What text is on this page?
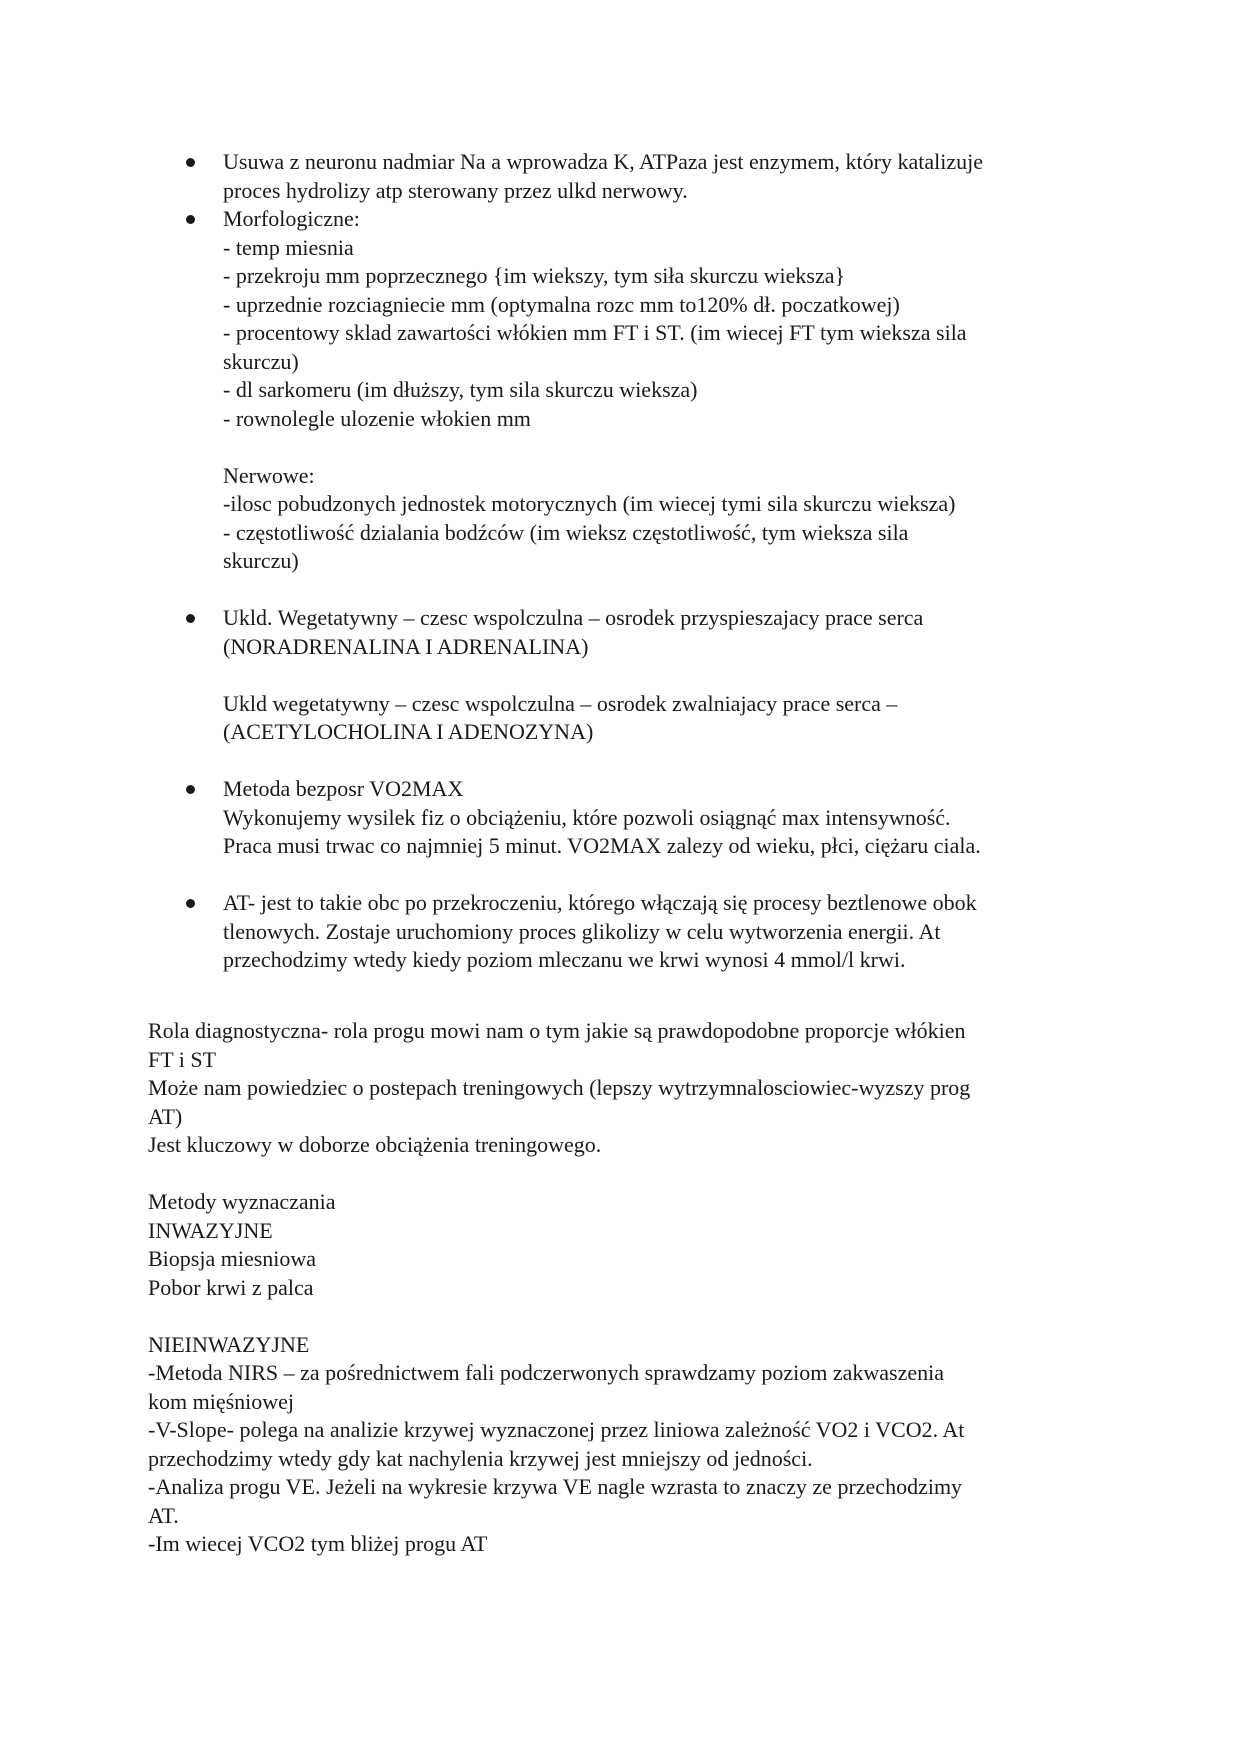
Usuwa z neuronu nadmiar Na a wprowadza K, ATPaza jest enzymem, który katalizuje
proces hydrolizy atp sterowany przez ulkd nerwowy.
Morfologiczne:
- temp miesnia
- przekroju mm poprzecznego {im wiekszy, tym siła skurczu wieksza}
- uprzednie rozciagniecie mm (optymalna rozc mm to120% dł. poczatkowej)
- procentowy sklad zawartości włókien mm FT i ST. (im wiecej FT tym wieksza sila
skurczu)
- dl sarkomeru (im dłuższy, tym sila skurczu wieksza)
- rownolegle ulozenie włokien mm
Nerwowe:
-ilosc pobudzonych jednostek motorycznych (im wiecej tymi sila skurczu wieksza)
- częstotliwość dzialania bodźców (im wieksz częstotliwość, tym wieksza sila
skurczu)
Ukld. Wegetatywny – czesc wspolczulna – osrodek przyspieszajacy prace serca
(NORADRENALINA I ADRENALINA)
Ukld wegetatywny – czesc wspolczulna – osrodek zwalniajacy prace serca –
(ACETYLOCHOLINA I ADENOZYNA)
Metoda bezposr VO2MAX
Wykonujemy wysilek fiz o obciążeniu, które pozwoli osiągnąć max intensywność.
Praca musi trwac co najmniej 5 minut. VO2MAX zalezy od wieku, płci, ciężaru ciala.
AT- jest to takie obc po przekroczeniu, którego włączają się procesy beztlenowe obok
tlenowych. Zostaje uruchomiony proces glikolizy w celu wytworzenia energii. At
przechodzimy wtedy kiedy poziom mleczanu we krwi wynosi 4 mmol/l krwi.
Rola diagnostyczna- rola progu mowi nam o tym jakie są prawdopodobne proporcje włókien
FT i ST
Może nam powiedziec o postepach treningowych (lepszy wytrzymnalosciowiec-wyzszy prog
AT)
Jest kluczowy w doborze obciążenia treningowego.
Metody wyznaczania
INWAZYJNE
Biopsja miesniowa
Pobor krwi z palca
NIEINWAZYJNE
-Metoda NIRS – za pośrednictwem fali podczerwonych sprawdzamy poziom zakwaszenia
kom mięśniowej
-V-Slope- polega na analizie krzywej wyznaczonej przez liniowa zależność VO2 i VCO2. At
przechodzimy wtedy gdy kat nachylenia krzywej jest mniejszy od jedności.
-Analiza progu VE. Jeżeli na wykresie krzywa VE nagle wzrasta to znaczy ze przechodzimy
AT.
-Im wiecej VCO2 tym bliżej progu AT
